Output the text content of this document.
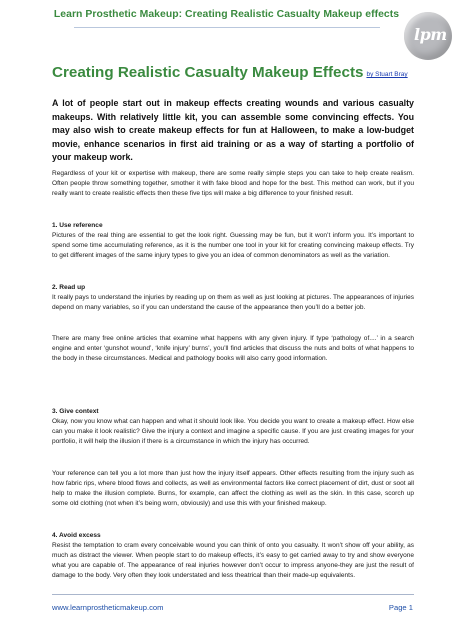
Learn Prosthetic Makeup: Creating Realistic Casualty Makeup effects
lpm
Creating Realistic Casualty Makeup Effects by Stuart Bray

A lot of people start out in makeup effects creating wounds and various casualty makeups. With relatively little kit, you can assemble some convincing effects. You may also wish to create makeup effects for fun at Halloween, to make a low-budget movie, enhance scenarios in first aid training or as a way of starting a portfolio of your makeup work.

Regardless of your kit or expertise with makeup, there are some really simple steps you can take to help create realism. Often people throw something together, smother it with fake blood and hope for the best. This method can work, but if you really want to create realistic effects then these five tips will make a big difference to your finished result.

1. Use reference
Pictures of the real thing are essential to get the look right. Guessing may be fun, but it won’t inform you. It’s important to spend some time accumulating reference, as it is the number one tool in your kit for creating convincing makeup effects. Try to get different images of the same injury types to give you an idea of common denominators as well as the variation.
2. Read up
It really pays to understand the injuries by reading up on them as well as just looking at pictures. The appearances of injuries depend on many variables, so if you can understand the cause of the appearance then you’ll do a better job.

There are many free online articles that examine what happens with any given injury. If type ‘pathology of....’ in a search engine and enter ‘gunshot wound’, ‘knife injury’ burns’, you’ll find articles that discuss the nuts and bolts of what happens to the body in these circumstances. Medical and pathology books will also carry good information.

3. Give context
Okay, now you know what can happen and what it should look like. You decide you want to create a makeup effect. How else can you make it look realistic? Give the injury a context and imagine a specific cause. If you are just creating images for your portfolio, it will help the illusion if there is a circumstance in which the injury has occurred.

Your reference can tell you a lot more than just how the injury itself appears. Other effects resulting from the injury such as how fabric rips, where blood flows and collects, as well as environmental factors like correct placement of dirt, dust or soot all help to make the illusion complete. Burns, for example, can affect the clothing as well as the skin. In this case, scorch up some old clothing (not when it’s being worn, obviously) and use this with your finished makeup.

4. Avoid excess
Resist the temptation to cram every conceivable wound you can think of onto you casualty. It won’t show off your ability, as much as distract the viewer. When people start to do makeup effects, it’s easy to get carried away to try and show everyone what you are capable of. The appearance of real injuries however don’t occur to impress anyone-they are just the result of damage to the body. Very often they look understated and less theatrical than their made-up equivalents.
www.learnprostheticmakeup.com	Page 1
